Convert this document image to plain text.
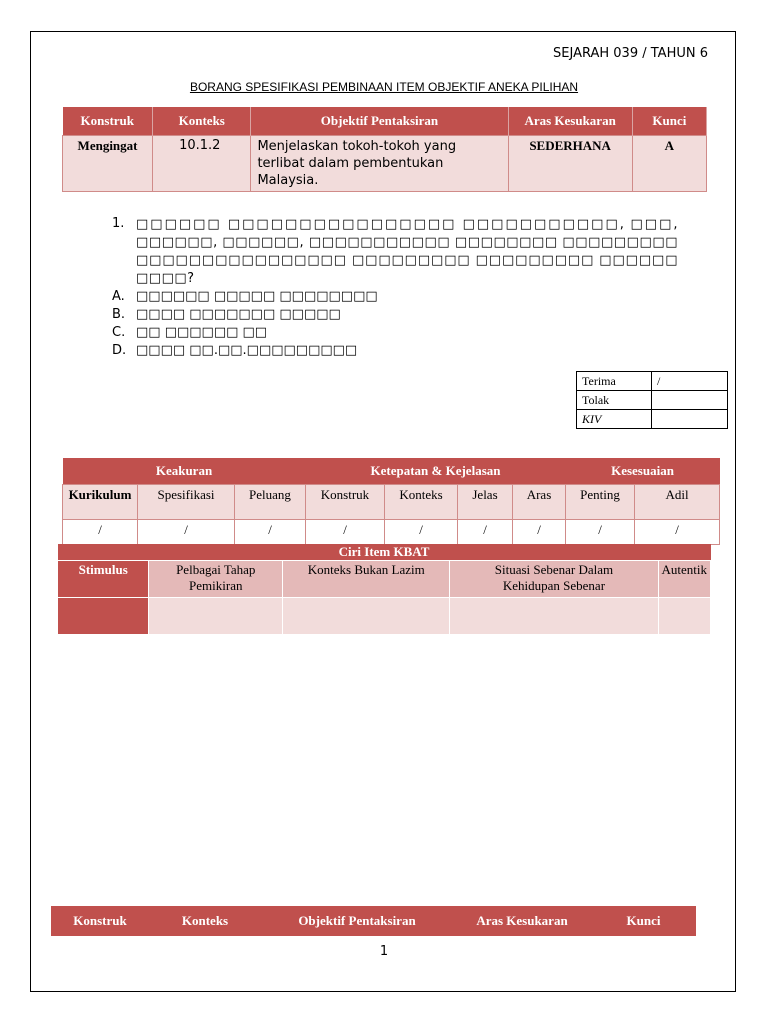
SEJARAH 039 / TAHUN 6
BORANG SPESIFIKASI PEMBINAAN ITEM OBJEKTIF ANEKA PILIHAN
Konstruk	Konteks	Objektif Pentaksiran	Aras Kesukaran	Kunci
Mengingat	10.1.2	Menjelaskan tokoh-tokoh yang terlibat dalam pembentukan Malaysia.	SEDERHANA	A
1. □□□□□□ □□□□□□□□□□□□□□□□ □□□□□□□□□□□, □□□, □□□□□□, □□□□□□, □□□□□□□□□□□ □□□□□□□□ □□□□□□□□□ □□□□□□□□□□□□□□□□ □□□□□□□□□ □□□□□□□□□ □□□□□□ □□□□?
A. □□□□□□ □□□□□ □□□□□□□□
B. □□□□ □□□□□□□ □□□□□
C. □□ □□□□□□ □□
D. □□□□ □□.□□.□□□□□□□□□
Terima	/
Tolak	
KIV	
Keakuran			Ketepatan & Kejelasan				Kesesuaian	
Kurikulum	Spesifikasi	Peluang	Konstruk	Konteks	Jelas	Aras	Penting	Adil
/	/	/	/	/	/	/	/	/
Ciri Item KBAT				
Stimulus	Pelbagai Tahap Pemikiran	Konteks Bukan Lazim	Situasi Sebenar Dalam Kehidupan Sebenar	Autentik

Konstruk	Konteks	Objektif Pentaksiran	Aras Kesukaran	Kunci
1
